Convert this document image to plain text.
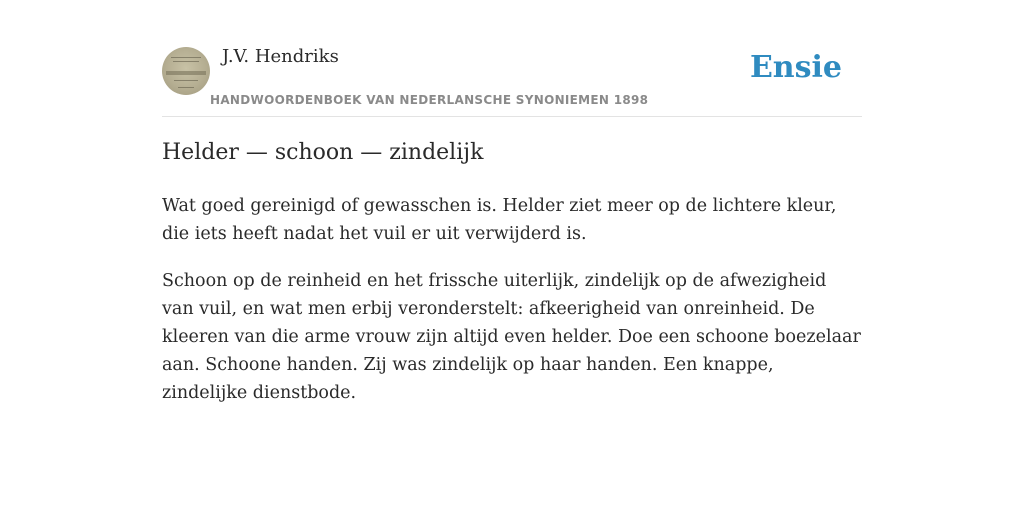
J.V. Hendriks
HANDWOORDENBOEK VAN NEDERLANSCHE SYNONIEMEN 1898
Ensie
Helder — schoon — zindelijk

Wat goed gereinigd of gewasschen is. Helder ziet meer op de lichtere kleur, die iets heeft nadat het vuil er uit verwijderd is.

Schoon op de reinheid en het frissche uiterlijk, zindelijk op de afwezigheid van vuil, en wat men erbij veronderstelt: afkeerigheid van onreinheid. De kleeren van die arme vrouw zijn altijd even helder. Doe een schoone boezelaar aan. Schoone handen. Zij was zindelijk op haar handen. Een knappe, zindelijke dienstbode.
